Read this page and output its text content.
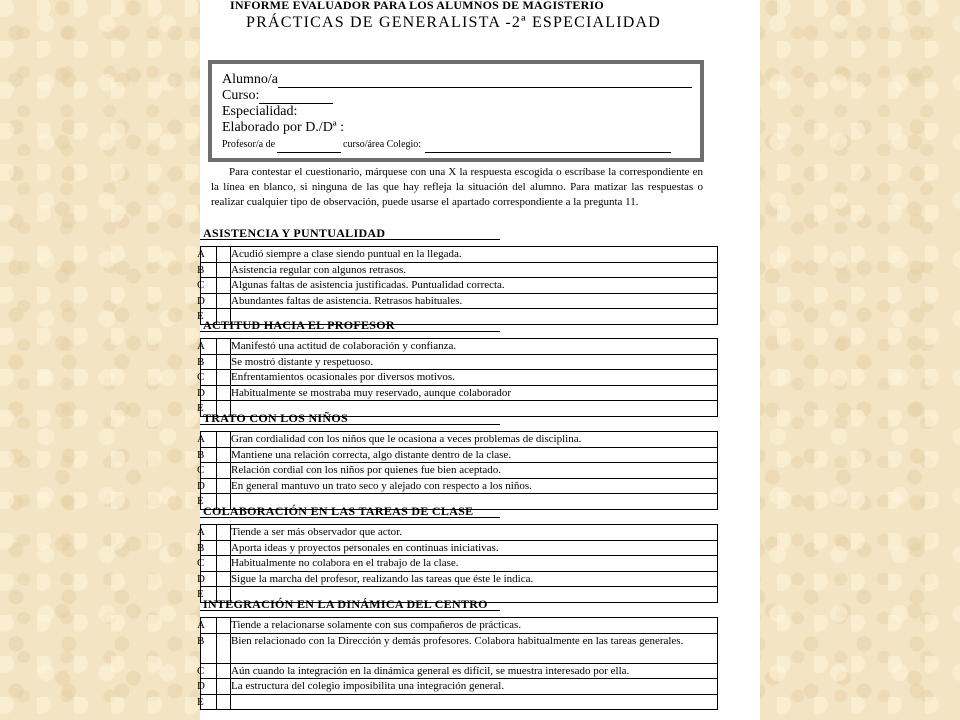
INFORME EVALUADOR PARA LOS ALUMNOS DE MAGISTERIO
PRÁCTICAS DE GENERALISTA -2ª ESPECIALIDAD
Alumno/a
Curso:
Especialidad:
Elaborado por D./Dª :
Profesor/a de	curso/área Colegio:
Para contestar el cuestionario, márquese con una X la respuesta escogida o escríbase la correspondiente en la línea en blanco, si ninguna de las que hay refleja la situación del alumno. Para matizar las respuestas o realizar cualquier tipo de observación, puede usarse el apartado correspondiente a la pregunta 11.
ASISTENCIA Y PUNTUALIDAD
A		Acudió siempre a clase siendo puntual en la llegada.
B		Asistencia regular con algunos retrasos.
C		Algunas faltas de asistencia justificadas. Puntualidad correcta.
D		Abundantes faltas de asistencia. Retrasos habituales.
E		
ACTITUD HACIA EL PROFESOR
A		Manifestó una actitud de colaboración y confianza.
B		Se mostró distante y respetuoso.
C		Enfrentamientos ocasionales por diversos motivos.
D		Habitualmente se mostraba muy reservado, aunque colaborador
E		
TRATO CON LOS NIÑOS
A		Gran cordialidad con los niños que le ocasiona a veces problemas de disciplina.
B		Mantiene una relación correcta, algo distante dentro de la clase.
C		Relación cordial con los niños por quienes fue bien aceptado.
D		En general mantuvo un trato seco y alejado con respecto a los niños.
E		
COLABORACIÓN EN LAS TAREAS DE CLASE
A		Tiende a ser más observador que actor.
B		Aporta ideas y proyectos personales en continuas iniciativas.
C		Habitualmente no colabora en el trabajo de la clase.
D		Sigue la marcha del profesor, realizando las tareas que éste le indica.
E		
INTEGRACIÓN EN LA DINÁMICA DEL CENTRO
A		Tiende a relacionarse solamente con sus compañeros de prácticas.
B		Bien relacionado con la Dirección y demás profesores. Colabora habitualmente en las tareas generales.
C		Aún cuando la integración en la dinámica general es difícil, se muestra interesado por ella.
D		La estructura del colegio imposibilita una integración general.
E		
